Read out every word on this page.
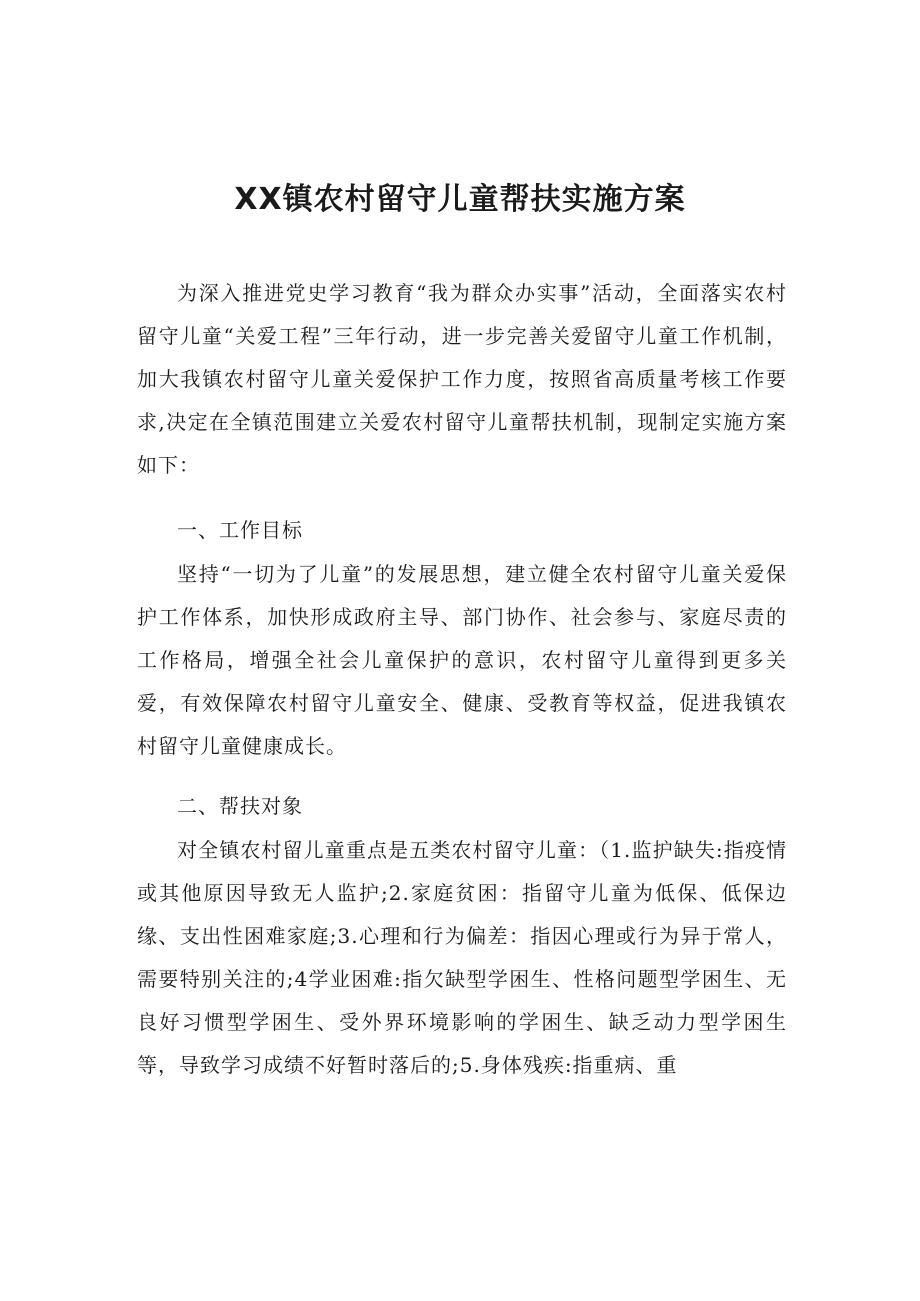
XX镇农村留守儿童帮扶实施方案

为深入推进党史学习教育“我为群众办实事”活动，全面落实农村留守儿童“关爱工程”三年行动，进一步完善关爱留守儿童工作机制，加大我镇农村留守儿童关爱保护工作力度，按照省高质量考核工作要求,决定在全镇范围建立关爱农村留守儿童帮扶机制，现制定实施方案如下：

一、工作目标

坚持“一切为了儿童”的发展思想，建立健全农村留守儿童关爱保护工作体系，加快形成政府主导、部门协作、社会参与、家庭尽责的工作格局，增强全社会儿童保护的意识，农村留守儿童得到更多关爱，有效保障农村留守儿童安全、健康、受教育等权益，促进我镇农村留守儿童健康成长。

二、帮扶对象

对全镇农村留儿童重点是五类农村留守儿童：（1.监护缺失:指疫情或其他原因导致无人监护;2.家庭贫困：指留守儿童为低保、低保边缘、支出性困难家庭;3.心理和行为偏差：指因心理或行为异于常人，需要特别关注的;4学业困难:指欠缺型学困生、性格问题型学困生、无良好习惯型学困生、受外界环境影响的学困生、缺乏动力型学困生等，导致学习成绩不好暂时落后的;5.身体残疾:指重病、重
